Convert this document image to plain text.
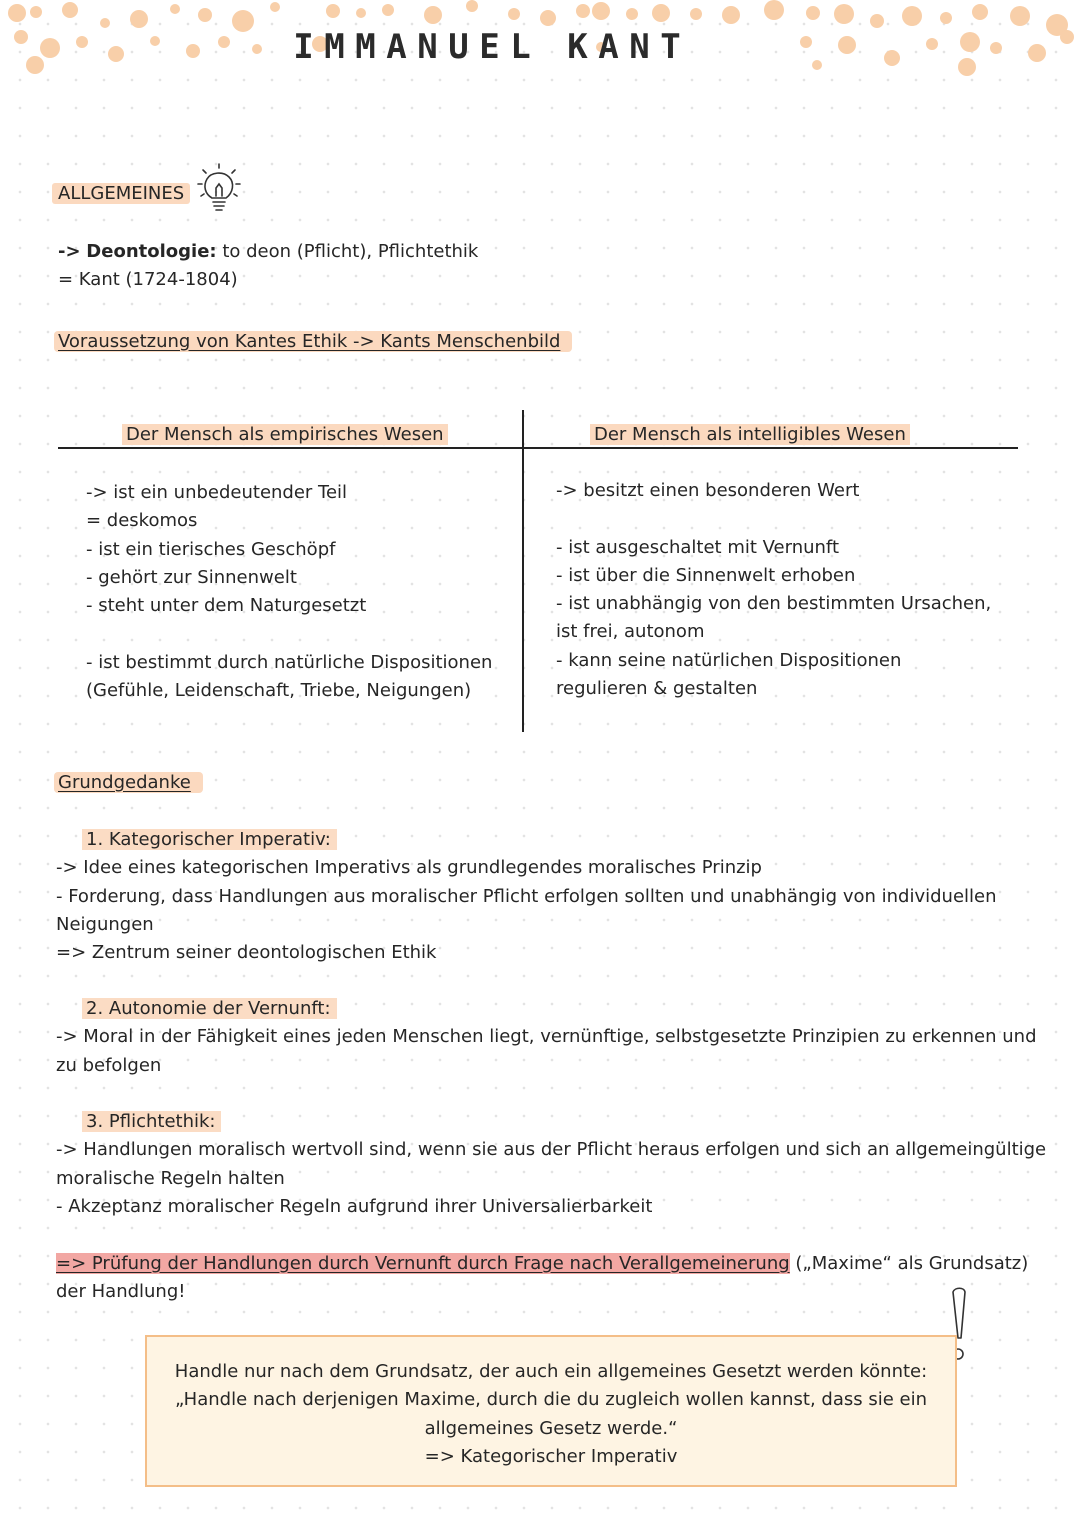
I M M A N U E L K A N T
ALLGEMEINES
-> Deontologie: to deon (Pflicht), Pflichtethik
= Kant (1724-1804)
Voraussetzung von Kantes Ethik -> Kants Menschenbild
Der Mensch als empirisches Wesen	Der Mensch als intelligibles Wesen
-> ist ein unbedeutender Teil
= deskomos
- ist ein tierisches Geschöpf
- gehört zur Sinnenwelt
- steht unter dem Naturgesetzt
- ist bestimmt durch natürliche Dispositionen
(Gefühle, Leidenschaft, Triebe, Neigungen)
-> besitzt einen besonderen Wert
- ist ausgeschaltet mit Vernunft
- ist über die Sinnenwelt erhoben
- ist unabhängig von den bestimmten Ursachen,
ist frei, autonom
- kann seine natürlichen Dispositionen
regulieren & gestalten
Grundgedanke
1. Kategorischer Imperativ:
-> Idee eines kategorischen Imperativs als grundlegendes moralisches Prinzip
- Forderung, dass Handlungen aus moralischer Pflicht erfolgen sollten und unabhängig von individuellen
Neigungen
=> Zentrum seiner deontologischen Ethik
2. Autonomie der Vernunft:
-> Moral in der Fähigkeit eines jeden Menschen liegt, vernünftige, selbstgesetzte Prinzipien zu erkennen und
zu befolgen
3. Pflichtethik:
-> Handlungen moralisch wertvoll sind, wenn sie aus der Pflicht heraus erfolgen und sich an allgemeingültige
moralische Regeln halten
- Akzeptanz moralischer Regeln aufgrund ihrer Universalierbarkeit
=> Prüfung der Handlungen durch Vernunft durch Frage nach Verallgemeinerung („Maxime“ als Grundsatz)
der Handlung!
Handle nur nach dem Grundsatz, der auch ein allgemeines Gesetzt werden könnte:
„Handle nach derjenigen Maxime, durch die du zugleich wollen kannst, dass sie ein
allgemeines Gesetz werde.“
=> Kategorischer Imperativ
